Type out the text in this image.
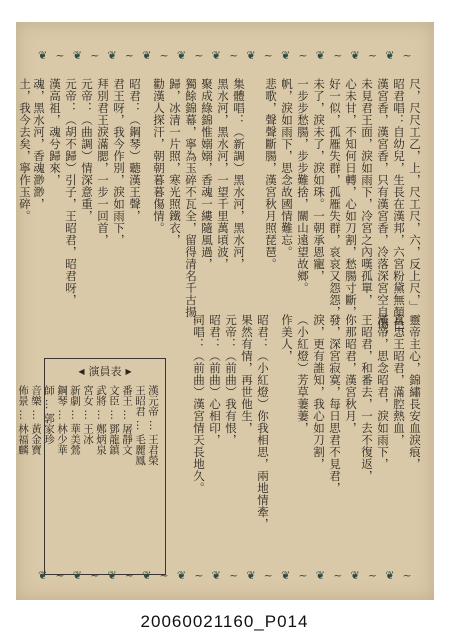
❦ ~ ❦ ~ ❦ ~ ❦ ~ ❦ ~ ❦ ~ ❦ ~ ❦ ~ ❦ ~ ❦ ~ ❦ ~
尺，尺尺工乙，上，尺工尺，六，反上尺，」
昭君唱：自幼兒，生長在漢邦，六宮粉黛無顏色，
漢宮香，漢宮香，只有漢宮香，冷落深宮空自傷，
未見君王面，淚如雨下，冷宮之內嘆孤單，
心未甘，不知何日轉，心如刀割，愁腸寸斷，
好一似，孤雁失群，孤雁失群，哀哀又怨怨，
未了，淚未了，淚如珠。一朝承恩寵，
一步步愁腸，步步難捨，關山遠望故鄉。
帆，淚如雨下，思念故國情難忘。
悲歌，聲聲斷腸，漢宮秋月照琵琶。
集體唱：（新調）黑水河，黑水河，
黑水河，黑水河，一望千里萬頃波，
聚成綠錦惟嫋嫋，香魂一縷隨風過，
獨餘錦幕，寧為玉碎不瓦全，留得清名千古揚，
歸，冰清一片照，寒光照鐵衣，
勸漢人探汗，朝朝暮暮傷情。
昭君：（鋼琴）聽漢王聲，
君王呀，我今作別，淚如雨下，
拜別君王淚滿腮，一步一回首，
元帝：（曲調）情深意重，
元帝：（胡不歸）引子，王昭君，昭君呀，
漢高祖，魂兮歸來，
魂，黑水河，香魂渺渺，
土，我今去矣，寧作玉碎。
靈帝主心，錦繡長安血淚痕，
真忠王昭君，滿腔熱血，
漢帝，思念昭君，淚如雨下，
王昭君，和番去，一去不復返，
你那昭君，漢宮秋月，
發，深宮寂寞，每日思君不見君，
淚，更有誰知，我心如刀割，
（小紅燈）芳草萋萋，
作美人，
昭君：（小紅燈）你我相思，兩地情牽，
果然有情，再世他生，
元帝：（前曲）我有恨，
昭君：（前曲）心相印，
同唱：（前曲）漢宮情天長地久。
◀ 演員表 ▶
漢元帝 … 王君榮
王昭君 … 毛麗鳳
番王 … 屠靜文
文臣 … 鄧龍鎮
武將 … 鄭炳泉
宮女 … 王冰
新劇 … 華美鶯
鋼琴 … 林少華
師 … 郭家珍
音樂 … 黃金寶
佈景 … 林福麟
❦ ~ ❦ ~ ❦ ~ ❦ ~ ❦ ~ ❦ ~ ❦ ~ ❦ ~ ❦ ~ ❦ ~ ❦ ~
20060021160_P014
